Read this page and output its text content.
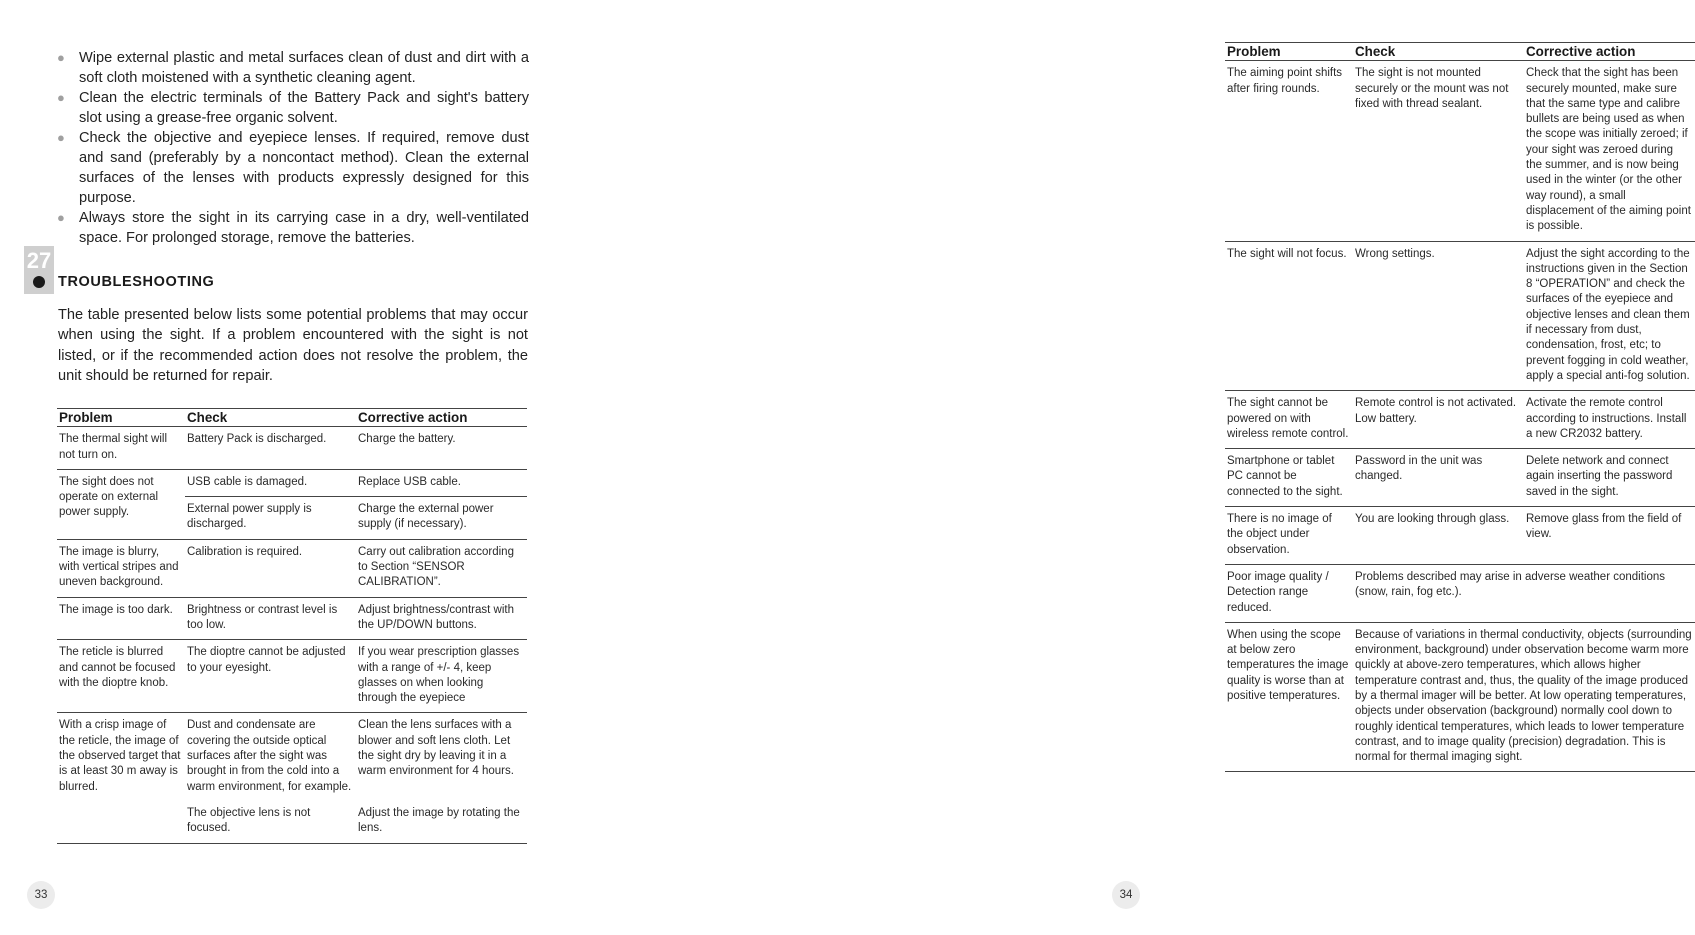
● Wipe external plastic and metal surfaces clean of dust and dirt with a soft cloth moistened with a synthetic cleaning agent.
● Clean the electric terminals of the Battery Pack and sight's battery slot using a grease-free organic solvent.
● Check the objective and eyepiece lenses. If required, remove dust and sand (preferably by a noncontact method). Clean the external surfaces of the lenses with products expressly designed for this purpose.
● Always store the sight in its carrying case in a dry, well-ventilated space. For prolonged storage, remove the batteries.
27
TROUBLESHOOTING

The table presented below lists some potential problems that may occur when using the sight. If a problem encountered with the sight is not listed, or if the recommended action does not resolve the problem, the unit should be returned for repair.

Problem	Check	Corrective action
The thermal sight will not turn on.	Battery Pack is discharged.	Charge the battery.
The sight does not operate on external power supply.	USB cable is damaged.	Replace USB cable.
	External power supply is discharged.	Charge the external power supply (if necessary).
The image is blurry, with vertical stripes and uneven background.	Calibration is required.	Carry out calibration according to Section “SENSOR CALIBRATION”.
The image is too dark.	Brightness or contrast level is too low.	Adjust brightness/contrast with the UP/DOWN buttons.
The reticle is blurred and cannot be focused with the dioptre knob.	The dioptre cannot be adjusted to your eyesight.	If you wear prescription glasses with a range of +/- 4, keep glasses on when looking through the eyepiece
With a crisp image of the reticle, the image of the observed target that is at least 30 m away is blurred.	Dust and condensate are covering the outside optical surfaces after the sight was brought in from the cold into a warm environment, for example.	Clean the lens surfaces with a blower and soft lens cloth. Let the sight dry by leaving it in a warm environment for 4 hours.
	The objective lens is not focused.	Adjust the image by rotating the lens.
33
Problem	Check	Corrective action
The aiming point shifts after firing rounds.	The sight is not mounted securely or the mount was not fixed with thread sealant.	Check that the sight has been securely mounted, make sure that the same type and calibre bullets are being used as when the scope was initially zeroed; if your sight was zeroed during the summer, and is now being used in the winter (or the other way round), a small displacement of the aiming point is possible.
The sight will not focus.	Wrong settings.	Adjust the sight according to the instructions given in the Section 8 “OPERATION” and check the surfaces of the eyepiece and objective lenses and clean them if necessary from dust, condensation, frost, etc; to prevent fogging in cold weather, apply a special anti-fog solution.
The sight cannot be powered on with wireless remote control.	Remote control is not activated. Low battery.	Activate the remote control according to instructions. Install a new CR2032 battery.
Smartphone or tablet PC cannot be connected to the sight.	Password in the unit was changed.	Delete network and connect again inserting the password saved in the sight.
There is no image of the object under observation.	You are looking through glass.	Remove glass from the field of view.
Poor image quality / Detection range reduced.	Problems described may arise in adverse weather conditions (snow, rain, fog etc.).	
When using the scope at below zero temperatures the image quality is worse than at positive temperatures.	Because of variations in thermal conductivity, objects (surrounding environment, background) under observation become warm more quickly at above-zero temperatures, which allows higher temperature contrast and, thus, the quality of the image produced by a thermal imager will be better. At low operating temperatures, objects under observation (background) normally cool down to roughly identical temperatures, which leads to lower temperature contrast, and to image quality (precision) degradation. This is normal for thermal imaging sight.	
34
